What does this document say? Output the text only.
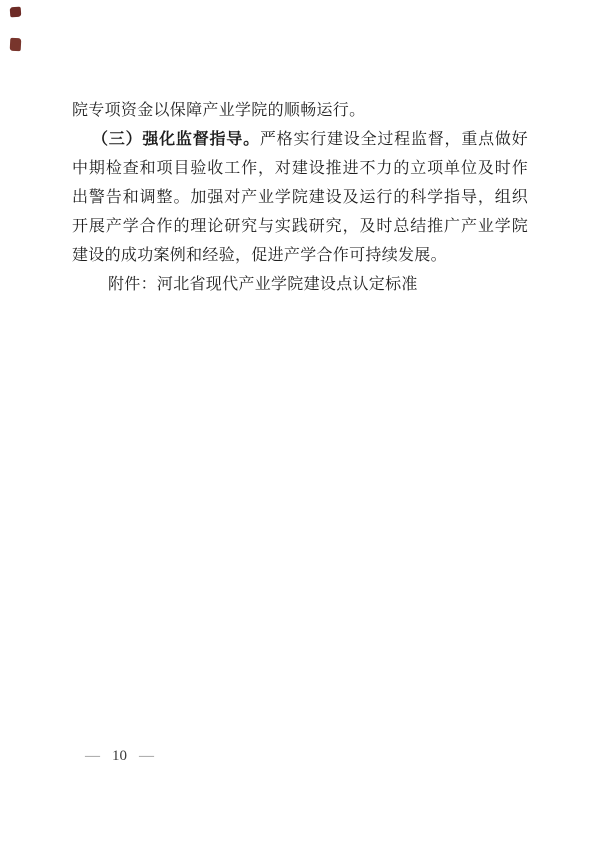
院专项资金以保障产业学院的顺畅运行。

（三）强化监督指导。严格实行建设全过程监督，重点做好中期检查和项目验收工作，对建设推进不力的立项单位及时作出警告和调整。加强对产业学院建设及运行的科学指导，组织开展产学合作的理论研究与实践研究，及时总结推广产业学院建设的成功案例和经验，促进产学合作可持续发展。

附件：河北省现代产业学院建设点认定标准

— 10 —
